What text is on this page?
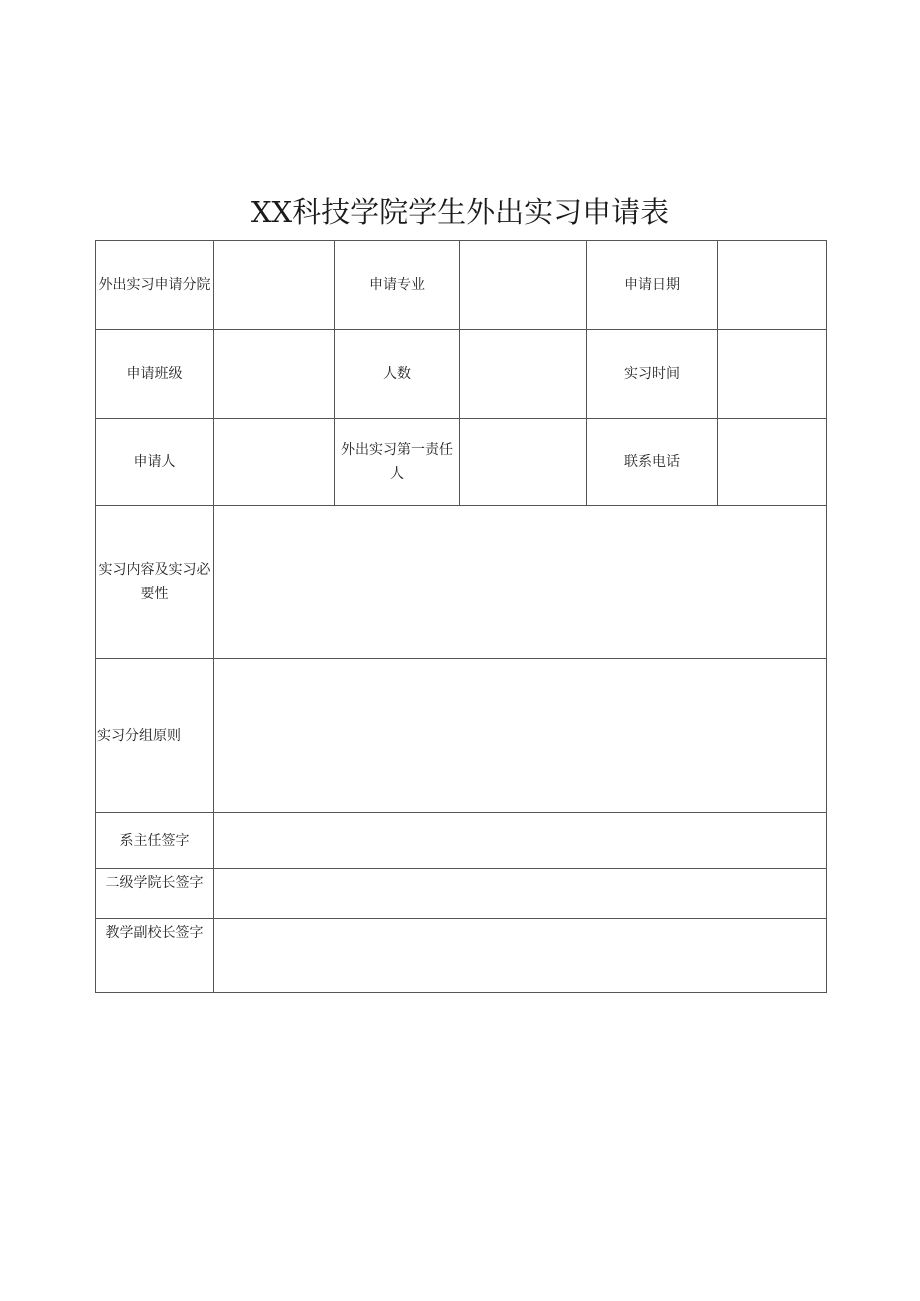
XX科技学院学生外出实习申请表
外出实习申请分院		申请专业		申请日期	
申请班级		人数		实习时间	
申请人		外出实习第一责任人		联系电话	
实习内容及实习必要性					
实习分组原则					
系主任签字					
二级学院长签字					
教学副校长签字					
